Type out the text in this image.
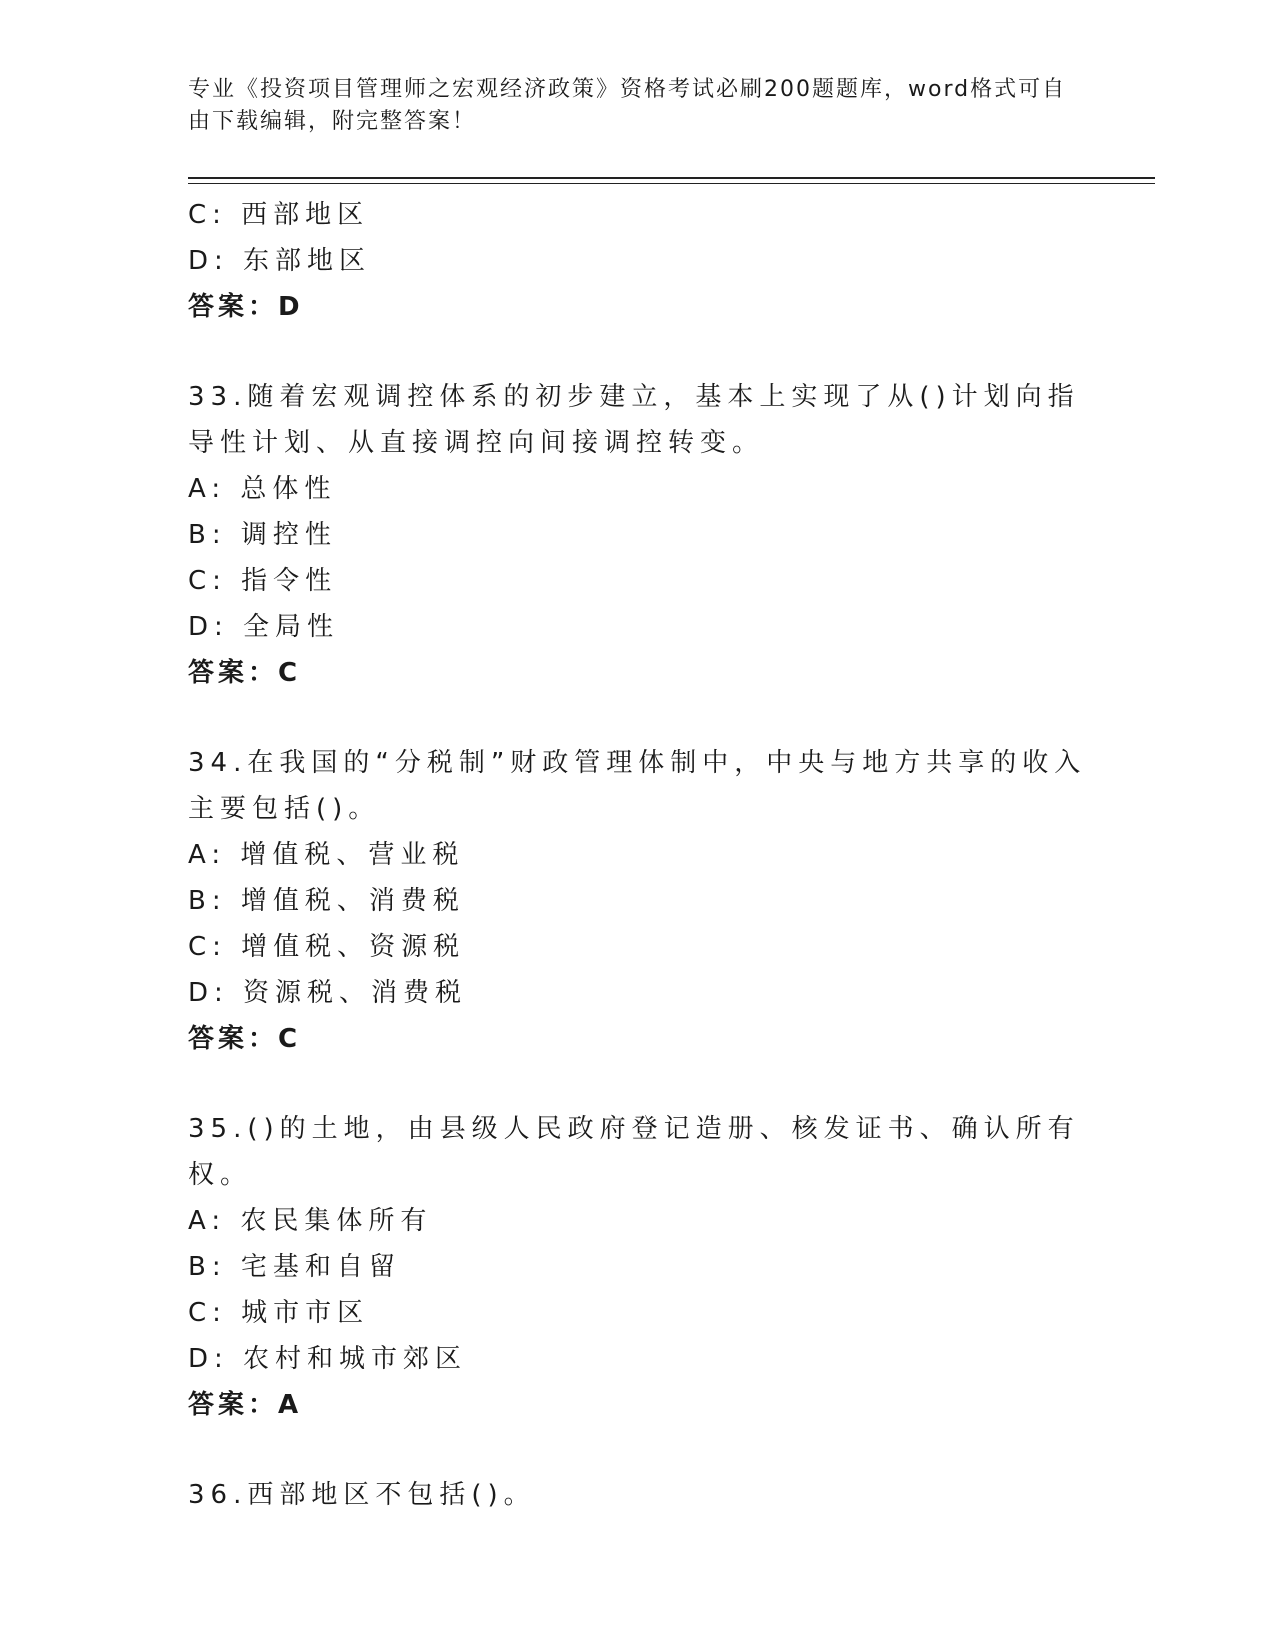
专业《投资项目管理师之宏观经济政策》资格考试必刷200题题库，word格式可自由下载编辑，附完整答案！
C: 西部地区
D: 东部地区
答案：D
33.随着宏观调控体系的初步建立，基本上实现了从()计划向指导性计划、从直接调控向间接调控转变。
A: 总体性
B: 调控性
C: 指令性
D: 全局性
答案：C
34.在我国的“分税制”财政管理体制中，中央与地方共享的收入主要包括()。
A: 增值税、营业税
B: 增值税、消费税
C: 增值税、资源税
D: 资源税、消费税
答案：C
35.()的土地，由县级人民政府登记造册、核发证书、确认所有权。
A: 农民集体所有
B: 宅基和自留
C: 城市市区
D: 农村和城市郊区
答案：A
36.西部地区不包括()。
